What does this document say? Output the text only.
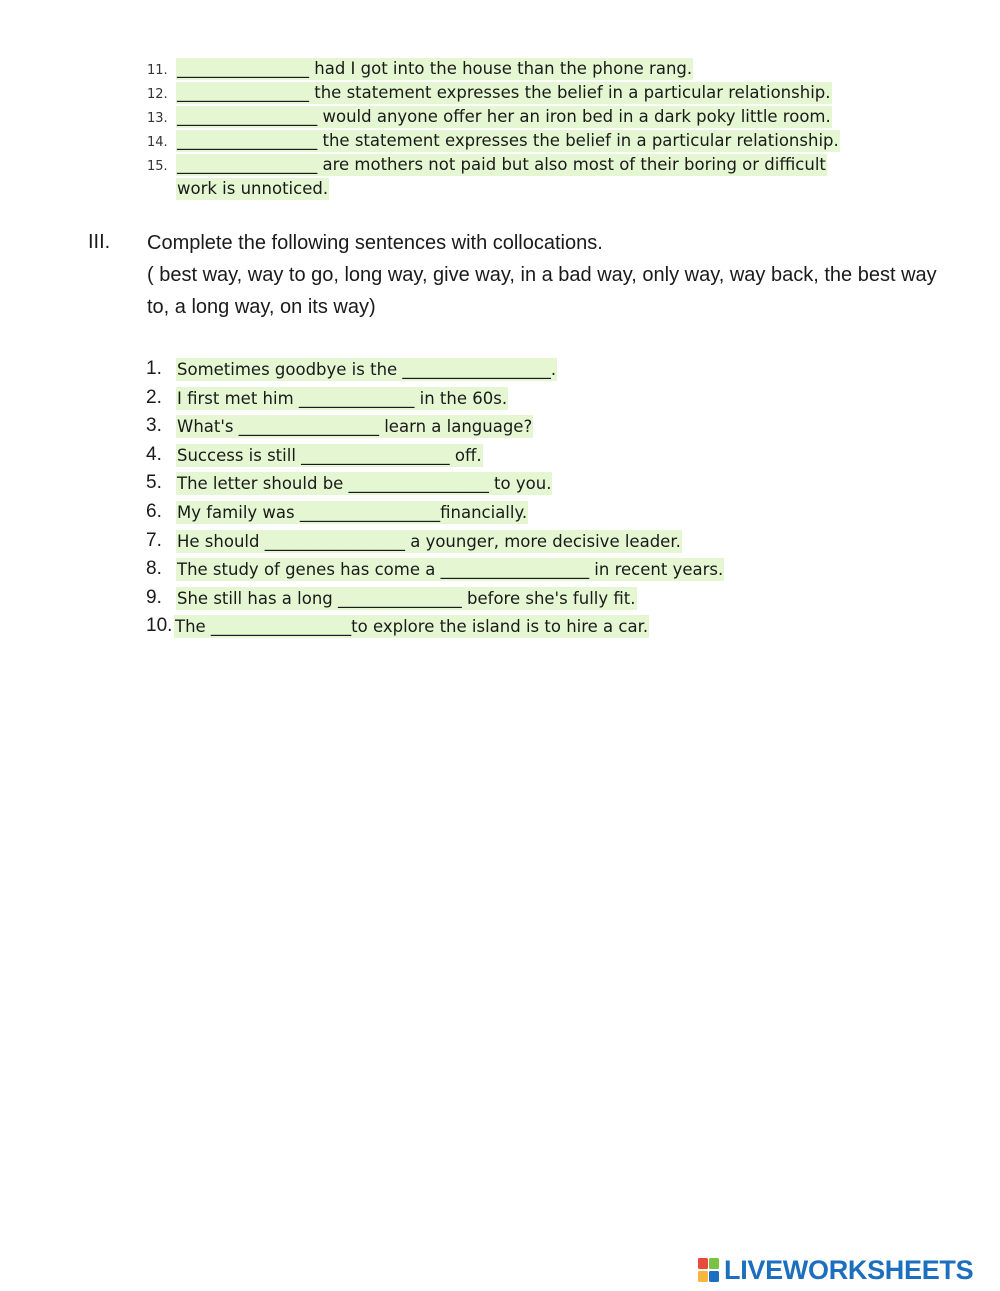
11. ________________ had I got into the house than the phone rang.
12. ________________ the statement expresses the belief in a particular relationship.
13. _________________ would anyone offer her an iron bed in a dark poky little room.
14. _________________ the statement expresses the belief in a particular relationship.
15. _________________ are mothers not paid but also most of their boring or difficult
work is unnoticed.
III. Complete the following sentences with collocations.

( best way, way to go, long way, give way, in a bad way, only way, way back, the best way to, a long way, on its way)

1. Sometimes goodbye is the __________________.
2. I first met him ______________ in the 60s.
3. What's _________________ learn a language?
4. Success is still __________________ off.
5. The letter should be _________________ to you.
6. My family was _________________financially.
7. He should _________________ a younger, more decisive leader.
8. The study of genes has come a __________________ in recent years.
9. She still has a long _______________ before she's fully fit.
10. The _________________to explore the island is to hire a car.
LIVEWORKSHEETS
